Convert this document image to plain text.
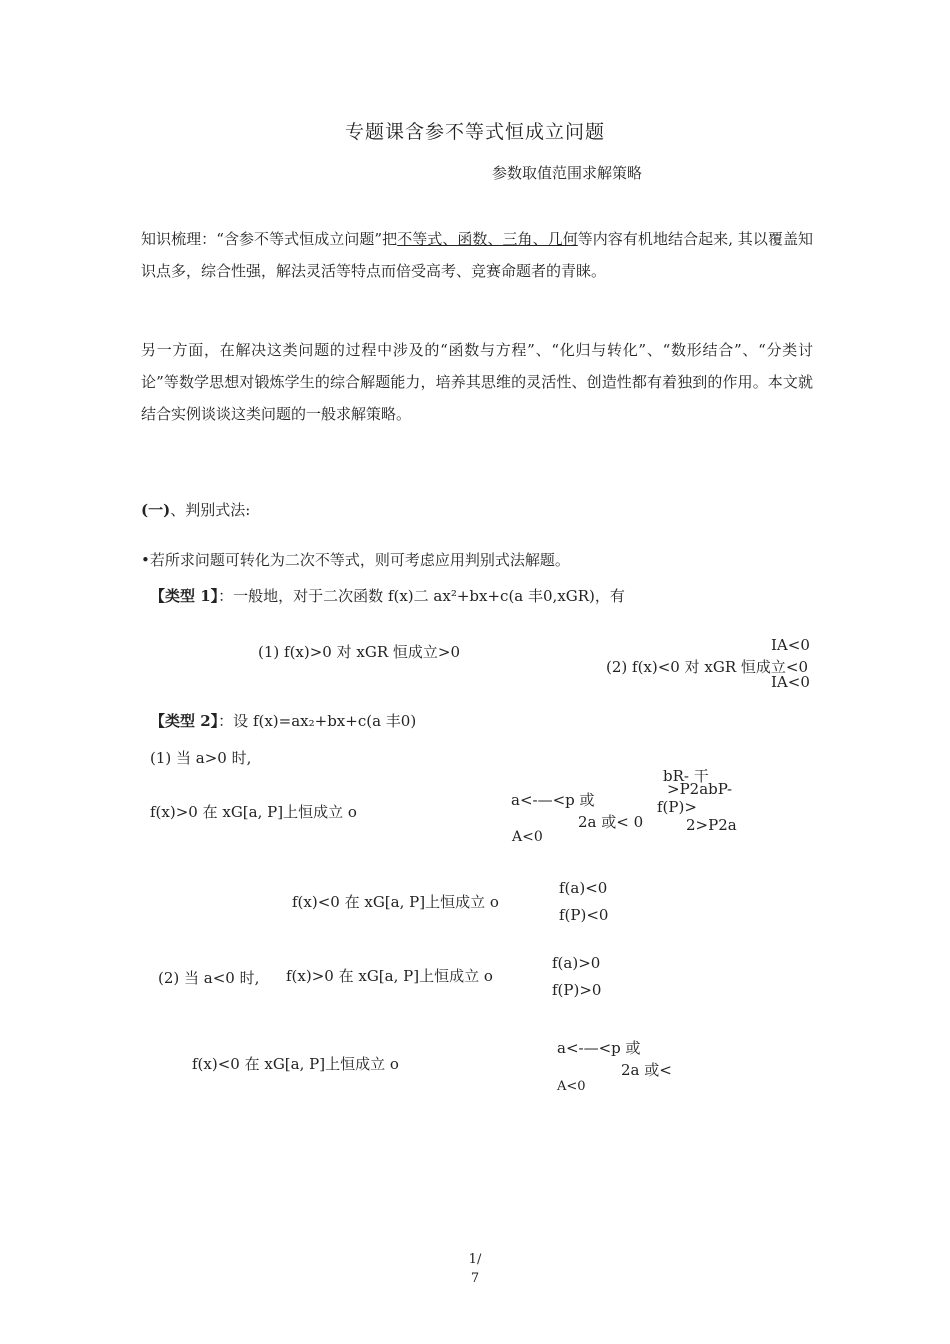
专题课含参不等式恒成立问题
参数取值范围求解策略
知识梳理：“含参不等式恒成立问题”把不等式、函数、三角、几何等内容有机地结合起来, 其以覆盖知识点多，综合性强，解法灵活等特点而倍受高考、竞赛命题者的青睐。
另一方面，在解决这类问题的过程中涉及的“函数与方程”、“化归与转化”、“数形结合”、“分类讨论”等数学思想对锻炼学生的综合解题能力，培养其思维的灵活性、创造性都有着独到的作用。本文就结合实例谈谈这类问题的一般求解策略。
(一)、判别式法:
•若所求问题可转化为二次不等式，则可考虑应用判别式法解题。
【类型 1】：一般地，对于二次函数 f(x)二 ax²+bx+c(a 丰0,xGR)，有
(1) f(x)>0 对 xGR 恒成立>0	IA<0
(2) f(x)<0 对 xGR 恒成立<0
IA<0
【类型 2】：设 f(x)=ax₂+bx+c(a 丰0)
(1) 当 a>0 时,
f(x)>0 在 xG[a, P]上恒成立 o
a<-—<p 或
2a 或< 0
A<0
bR- 干
>P2abP-
f(P)>
2>P2a
f(x)<0 在 xG[a, P]上恒成立 o
f(a)<0
f(P)<0
(2) 当 a<0 时, f(x)>0 在 xG[a, P]上恒成立 o
f(a)>0
f(P)>0
f(x)<0 在 xG[a, P]上恒成立 o
a<-—<p 或
2a 或<
A<0
1/
7
